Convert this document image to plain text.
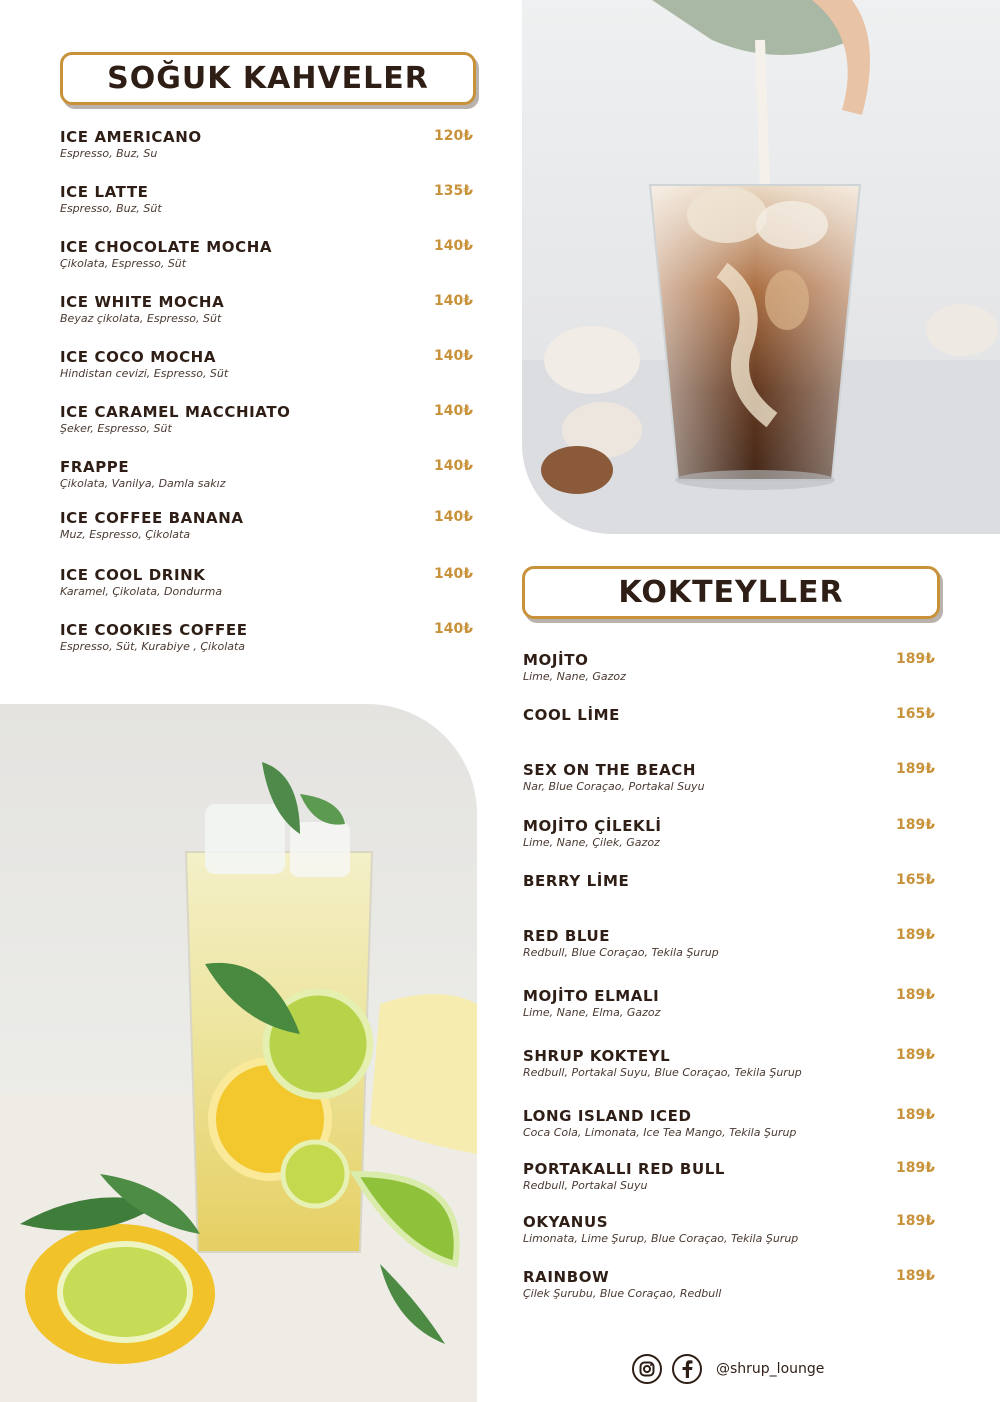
SOĞUK KAHVELER
KOKTEYLLER
ICE AMERICANO	120₺
Espresso, Buz, Su
ICE LATTE	135₺
Espresso, Buz, Süt
ICE CHOCOLATE MOCHA	140₺
Çikolata, Espresso, Süt
ICE WHITE MOCHA	140₺
Beyaz çikolata, Espresso, Süt
ICE COCO MOCHA	140₺
Hindistan cevizi, Espresso, Süt
ICE CARAMEL MACCHIATO	140₺
Şeker, Espresso, Süt
FRAPPE	140₺
Çikolata, Vanilya, Damla sakız
ICE COFFEE BANANA	140₺
Muz, Espresso, Çikolata
ICE COOL DRINK	140₺
Karamel, Çikolata, Dondurma
ICE COOKIES COFFEE	140₺
Espresso, Süt, Kurabiye , Çikolata
MOJİTO	189₺
Lime, Nane, Gazoz
COOL LİME	165₺
SEX ON THE BEACH	189₺
Nar, Blue Coraçao, Portakal Suyu
MOJİTO ÇİLEKLİ	189₺
Lime, Nane, Çilek, Gazoz
BERRY LİME	165₺
RED BLUE	189₺
Redbull, Blue Coraçao, Tekila Şurup
MOJİTO ELMALI	189₺
Lime, Nane, Elma, Gazoz
SHRUP KOKTEYL	189₺
Redbull, Portakal Suyu, Blue Coraçao, Tekila Şurup
LONG ISLAND ICED	189₺
Coca Cola, Limonata, Ice Tea Mango, Tekila Şurup
PORTAKALLI RED BULL	189₺
Redbull, Portakal Suyu
OKYANUS	189₺
Limonata, Lime Şurup, Blue Coraçao, Tekila Şurup
RAINBOW	189₺
Çilek Şurubu, Blue Coraçao, Redbull
@shrup_lounge
